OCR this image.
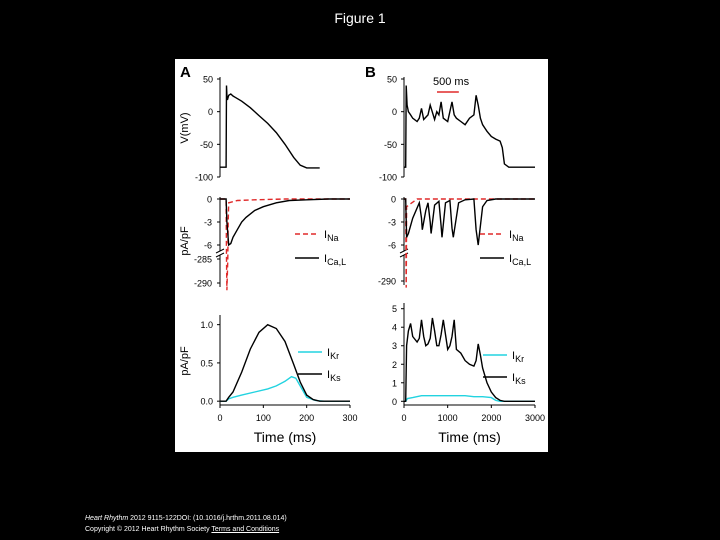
Figure 1
A	B
50
0
-50
-100
V(mV)
50
0
-50
-100
500 ms
0
-3
-6
-285
-290
pA/pF	$I_{Na}$
$I_{Ca,L}$
0
-3
-6
-290
$I_{Na}$
$I_{Ca,L}$
0.0
0.5
1.0
pA/pF
0	100	200	300
Time (ms)
$I_{Kr}$
$I_{Ks}$
0
1
2
3
4
5
0	1000	2000	3000
Time (ms)
$I_{Kr}$
$I_{Ks}$
Heart Rhythm 2012 9115-122DOI: (10.1016/j.hrthm.2011.08.014)
Copyright © 2012 Heart Rhythm Society Terms and Conditions
